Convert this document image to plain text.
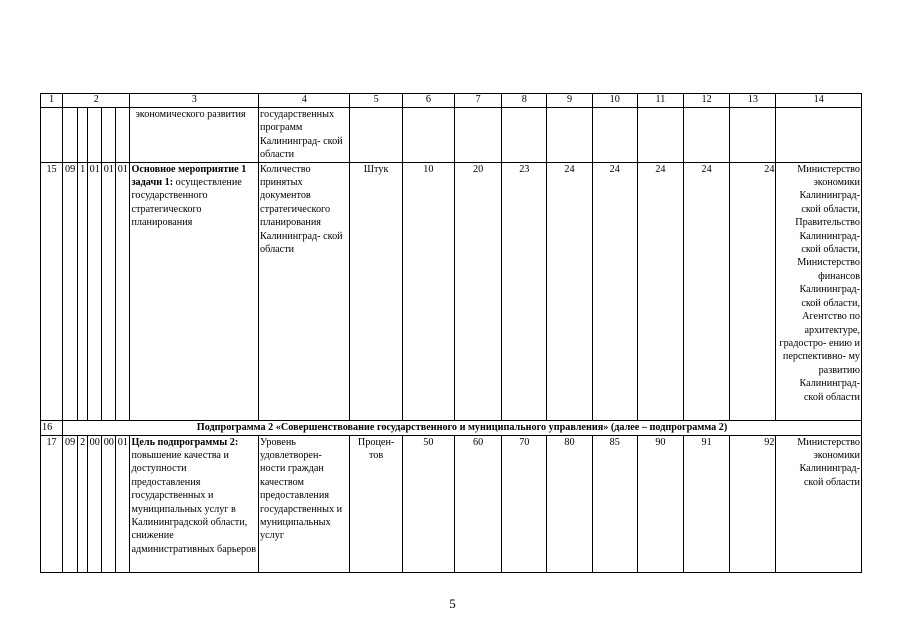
1	2					3	4	5	6	7	8	9	10	11	12	13	14
						экономического развития	государственных программ Калининград- ской области										
15	09	1	01	01	01	Основное мероприятие 1 задачи 1: осуществление государственного стратегического планирования	Количество принятых документов стратегического планирования Калининград- ской области	Штук	10	20	23	24	24	24	24	24	Министерство экономики Калининград- ской области, Правительство Калининград- ской области, Министерство финансов Калининград- ской области, Агентство по архитектуре, градостро- ению и перспективно- му развитию Калининград- ской области
16	Подпрограмма 2 «Совершенствование государственного и муниципального управления» (далее – подпрограмма 2)																
17	09	2	00	00	01	Цель подпрограммы 2: повышение качества и доступности предоставления государственных и муниципальных услуг в Калининградской области, снижение административных барьеров	Уровень удовлетворен- ности граждан качеством предоставления государственных и муниципальных услуг	Процен- тов	50	60	70	80	85	90	91	92	Министерство экономики Калининград- ской области
5
